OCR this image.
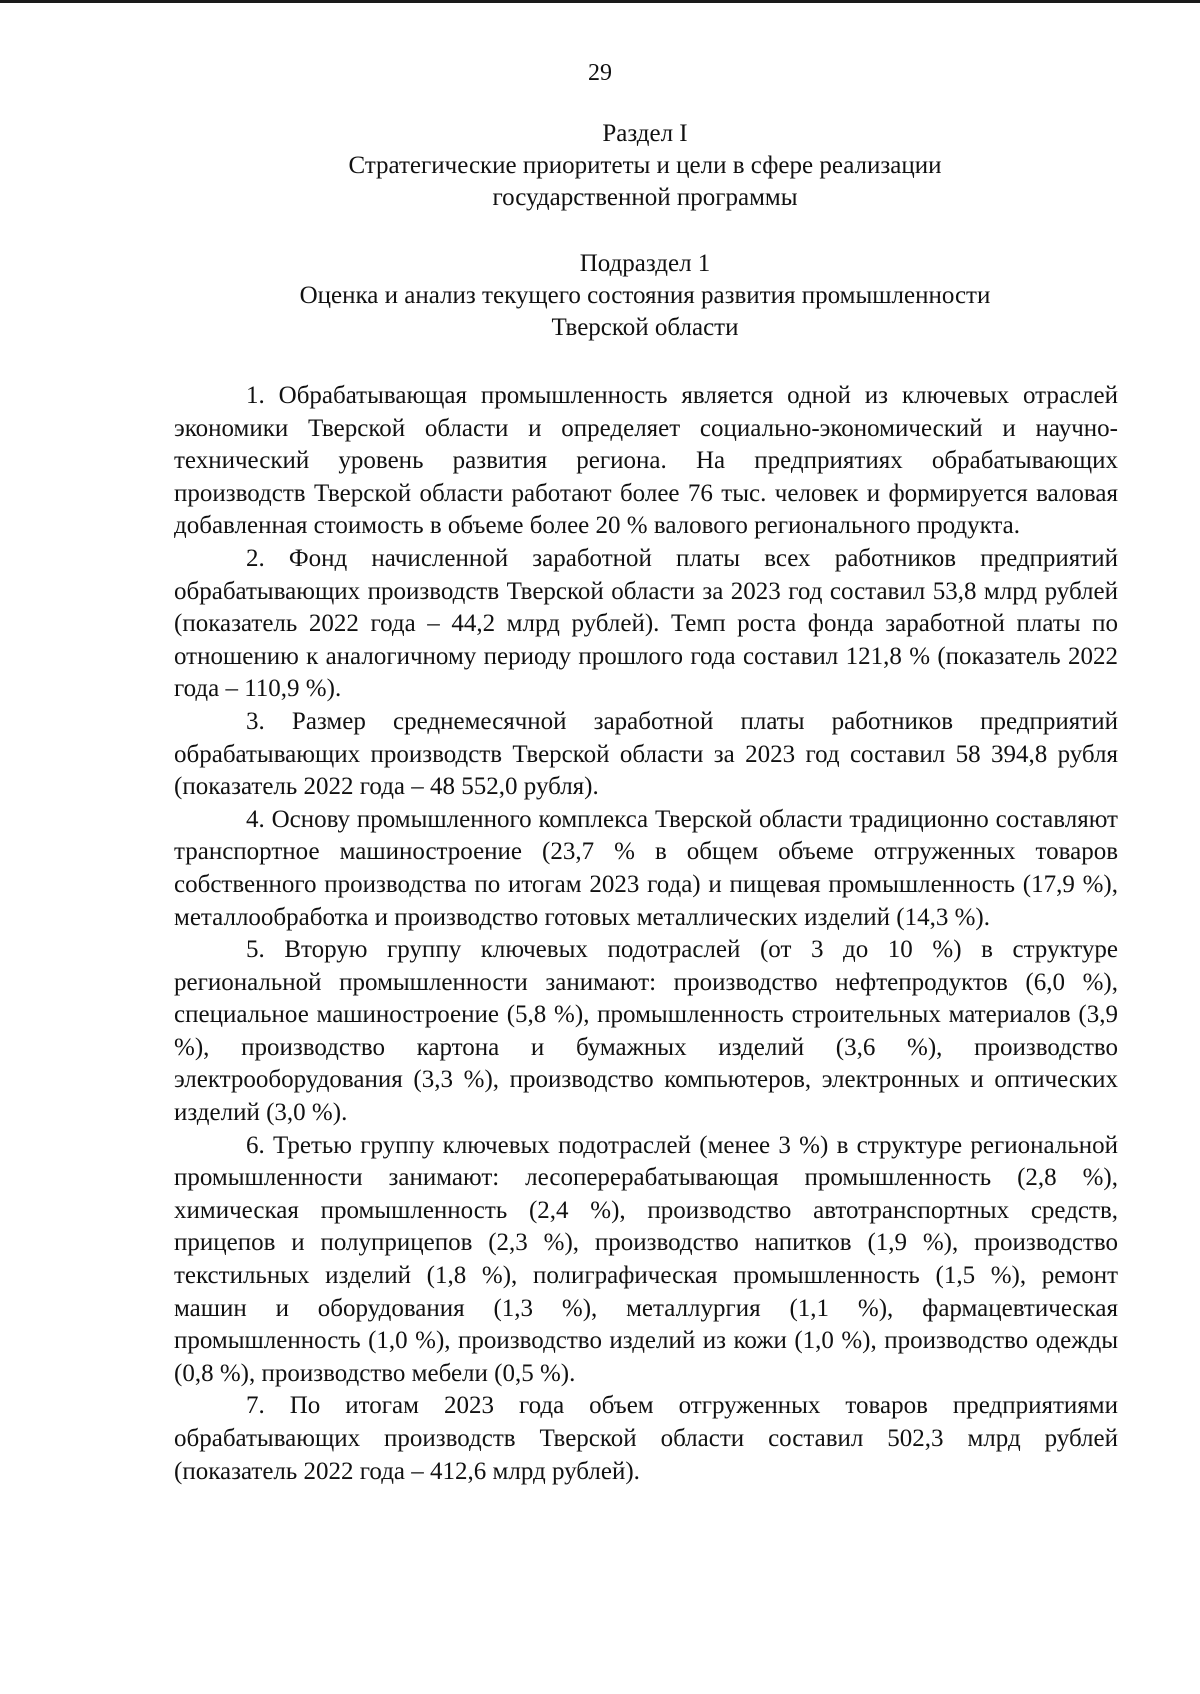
29
Раздел I
Стратегические приоритеты и цели в сфере реализации
государственной программы
Подраздел 1
Оценка и анализ текущего состояния развития промышленности
Тверской области

1. Обрабатывающая промышленность является одной из ключевых отраслей экономики Тверской области и определяет социально-экономический и научно-технический уровень развития региона. На предприятиях обрабатывающих производств Тверской области работают более 76 тыс. человек и формируется валовая добавленная стоимость в объеме более 20 % валового регионального продукта.

2. Фонд начисленной заработной платы всех работников предприятий обрабатывающих производств Тверской области за 2023 год составил 53,8 млрд рублей (показатель 2022 года – 44,2 млрд рублей). Темп роста фонда заработной платы по отношению к аналогичному периоду прошлого года составил 121,8 % (показатель 2022 года – 110,9 %).

3. Размер среднемесячной заработной платы работников предприятий обрабатывающих производств Тверской области за 2023 год составил 58 394,8 рубля (показатель 2022 года – 48 552,0 рубля).

4. Основу промышленного комплекса Тверской области традиционно составляют транспортное машиностроение (23,7 % в общем объеме отгруженных товаров собственного производства по итогам 2023 года) и пищевая промышленность (17,9 %), металлообработка и производство готовых металлических изделий (14,3 %).

5. Вторую группу ключевых подотраслей (от 3 до 10 %) в структуре региональной промышленности занимают: производство нефтепродуктов (6,0 %), специальное машиностроение (5,8 %), промышленность строительных материалов (3,9 %), производство картона и бумажных изделий (3,6 %), производство электрооборудования (3,3 %), производство компьютеров, электронных и оптических изделий (3,0 %).

6. Третью группу ключевых подотраслей (менее 3 %) в структуре региональной промышленности занимают: лесоперерабатывающая промышленность (2,8 %), химическая промышленность (2,4 %), производство автотранспортных средств, прицепов и полуприцепов (2,3 %), производство напитков (1,9 %), производство текстильных изделий (1,8 %), полиграфическая промышленность (1,5 %), ремонт машин и оборудования (1,3 %), металлургия (1,1 %), фармацевтическая промышленность (1,0 %), производство изделий из кожи (1,0 %), производство одежды (0,8 %), производство мебели (0,5 %).

7. По итогам 2023 года объем отгруженных товаров предприятиями обрабатывающих производств Тверской области составил 502,3 млрд рублей (показатель 2022 года – 412,6 млрд рублей).
